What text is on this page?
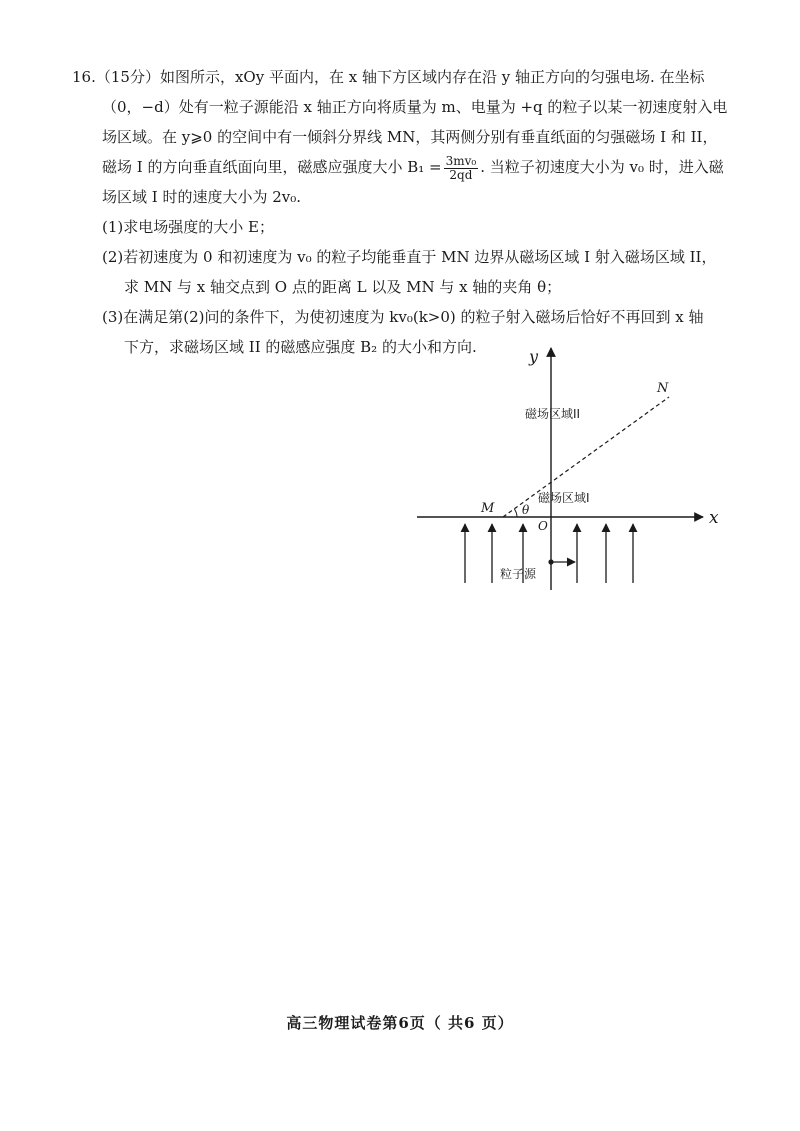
16.（15分）如图所示，xOy 平面内，在 x 轴下方区域内存在沿 y 轴正方向的匀强电场. 在坐标

（0，−d）处有一粒子源能沿 x 轴正方向将质量为 m、电量为 +q 的粒子以某一初速度射入电

场区域。在 y⩾0 的空间中有一倾斜分界线 MN，其两侧分别有垂直纸面的匀强磁场 I 和 II，

磁场 I 的方向垂直纸面向里，磁感应强度大小 $B_1 = \frac{\text{3mv₀}}{2qd}$ . 当粒子初速度大小为 v₀ 时，进入磁

场区域 I 时的速度大小为 2v₀.

(1)求电场强度的大小 E；

(2)若初速度为 0 和初速度为 v₀ 的粒子均能垂直于 MN 边界从磁场区域 I 射入磁场区域 II，

求 MN 与 x 轴交点到 O 点的距离 L 以及 MN 与 x 轴的夹角 θ；

(3)在满足第(2)问的条件下，为使初速度为 kv₀(k>0) 的粒子射入磁场后恰好不再回到 x 轴

下方，求磁场区域 II 的磁感应强度 B₂ 的大小和方向.	y
x
O
M
N
θ
磁场区域II
磁场区域I
粒子源
高三物理试卷第6页（ 共6 页）
